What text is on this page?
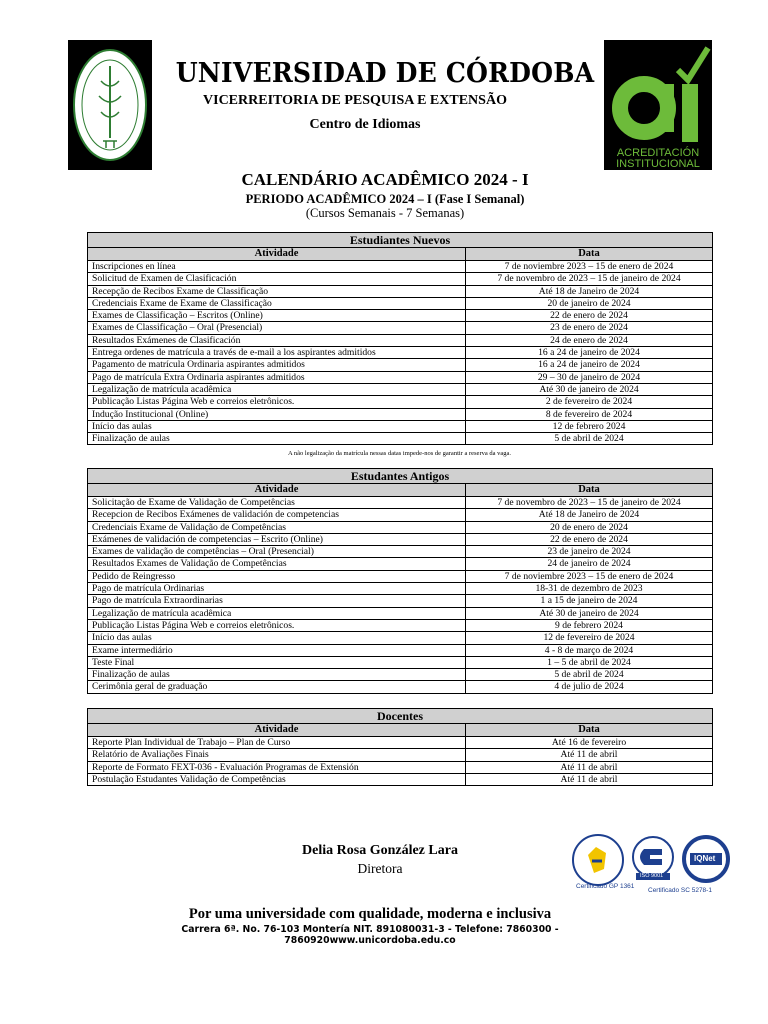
ACREDITACIÓN
INSTITUCIONAL
UNIVERSIDAD DE CÓRDOBA
VICERREITORIA DE PESQUISA E EXTENSÃO
Centro de Idiomas
CALENDÁRIO ACADÊMICO 2024 - I
PERIODO ACADÊMICO 2024 – I (Fase I Semanal)
(Cursos Semanais - 7 Semanas)
Estudiantes Nuevos	
Atividade	Data
Inscripciones en línea	7 de noviembre 2023 – 15 de enero de 2024
Solicitud de Examen de Clasificación	7 de novembro de 2023 – 15 de janeiro de 2024
Recepção de Recibos Exame de Classificação	Até 18 de Janeiro de 2024
Credenciais Exame de Exame de Classificação	20 de janeiro de 2024
Exames de Classificação – Escritos (Online)	22 de enero de 2024
Exames de Classificação – Oral (Presencial)	23 de enero de 2024
Resultados Exámenes de Clasificación	24 de enero de 2024
Entrega ordenes de matrícula a través de e-mail a los aspirantes admitidos	16 a 24 de janeiro de 2024
Pagamento de matrícula Ordinaria aspirantes admitidos	16 a 24 de janeiro de 2024
Pago de matrícula Extra Ordinaria aspirantes admitidos	29 – 30 de janeiro de 2024
Legalização de matrícula acadêmica	Até 30 de janeiro de 2024
Publicação Listas Página Web e correios eletrônicos.	2 de fevereiro de 2024
Indução Institucional (Online)	8 de fevereiro de 2024
Início das aulas	12 de febrero 2024
Finalização de aulas	5 de abril de 2024
A não legalização da matrícula nessas datas impede-nos de garantir a reserva da vaga.
Estudantes Antigos	
Atividade	Data
Solicitação de Exame de Validação de Competências	7 de novembro de 2023 – 15 de janeiro de 2024
Recepcion de Recibos Exámenes de validación de competencias	Até 18 de Janeiro de 2024
Credenciais Exame de Validação de Competências	20 de enero de 2024
Exámenes de validación de competencias – Escrito (Online)	22 de enero de 2024
Exames de validação de competências – Oral (Presencial)	23 de janeiro de 2024
Resultados Exames de Validação de Competências	24 de janeiro de 2024
Pedido de Reingresso	7 de noviembre 2023 – 15 de enero de 2024
Pago de matrícula Ordinarias	18-31 de dezembro de 2023
Pago de matrícula Extraordinarias	1 a 15 de janeiro de 2024
Legalização de matrícula acadêmica	Até 30 de janeiro de 2024
Publicação Listas Página Web e correios eletrônicos.	9 de febrero 2024
Início das aulas	12 de fevereiro de 2024
Exame intermediário	4 - 8 de março de 2024
Teste Final	1 – 5 de abril de 2024
Finalização de aulas	5 de abril de 2024
Cerimônia geral de graduação	4 de julio de 2024
Docentes	
Atividade	Data
Reporte Plan Individual de Trabajo – Plan de Curso	Até 16 de fevereiro
Relatório de Avaliações Finais	Até 11 de abril
Reporte de Formato FEXT-036 - Evaluación Programas de Extensión	Até 11 de abril
Postulação Estudantes Validação de Competências	Até 11 de abril
Delia Rosa González Lara
Diretora
Certificado GP 1361
ISO 9001
IQNet
Certificado SC 5278-1
Por uma universidade com qualidade, moderna e inclusiva
Carrera 6ª. No. 76-103 Montería NIT. 891080031-3 - Telefone: 7860300 - 7860920www.unicordoba.edu.co
